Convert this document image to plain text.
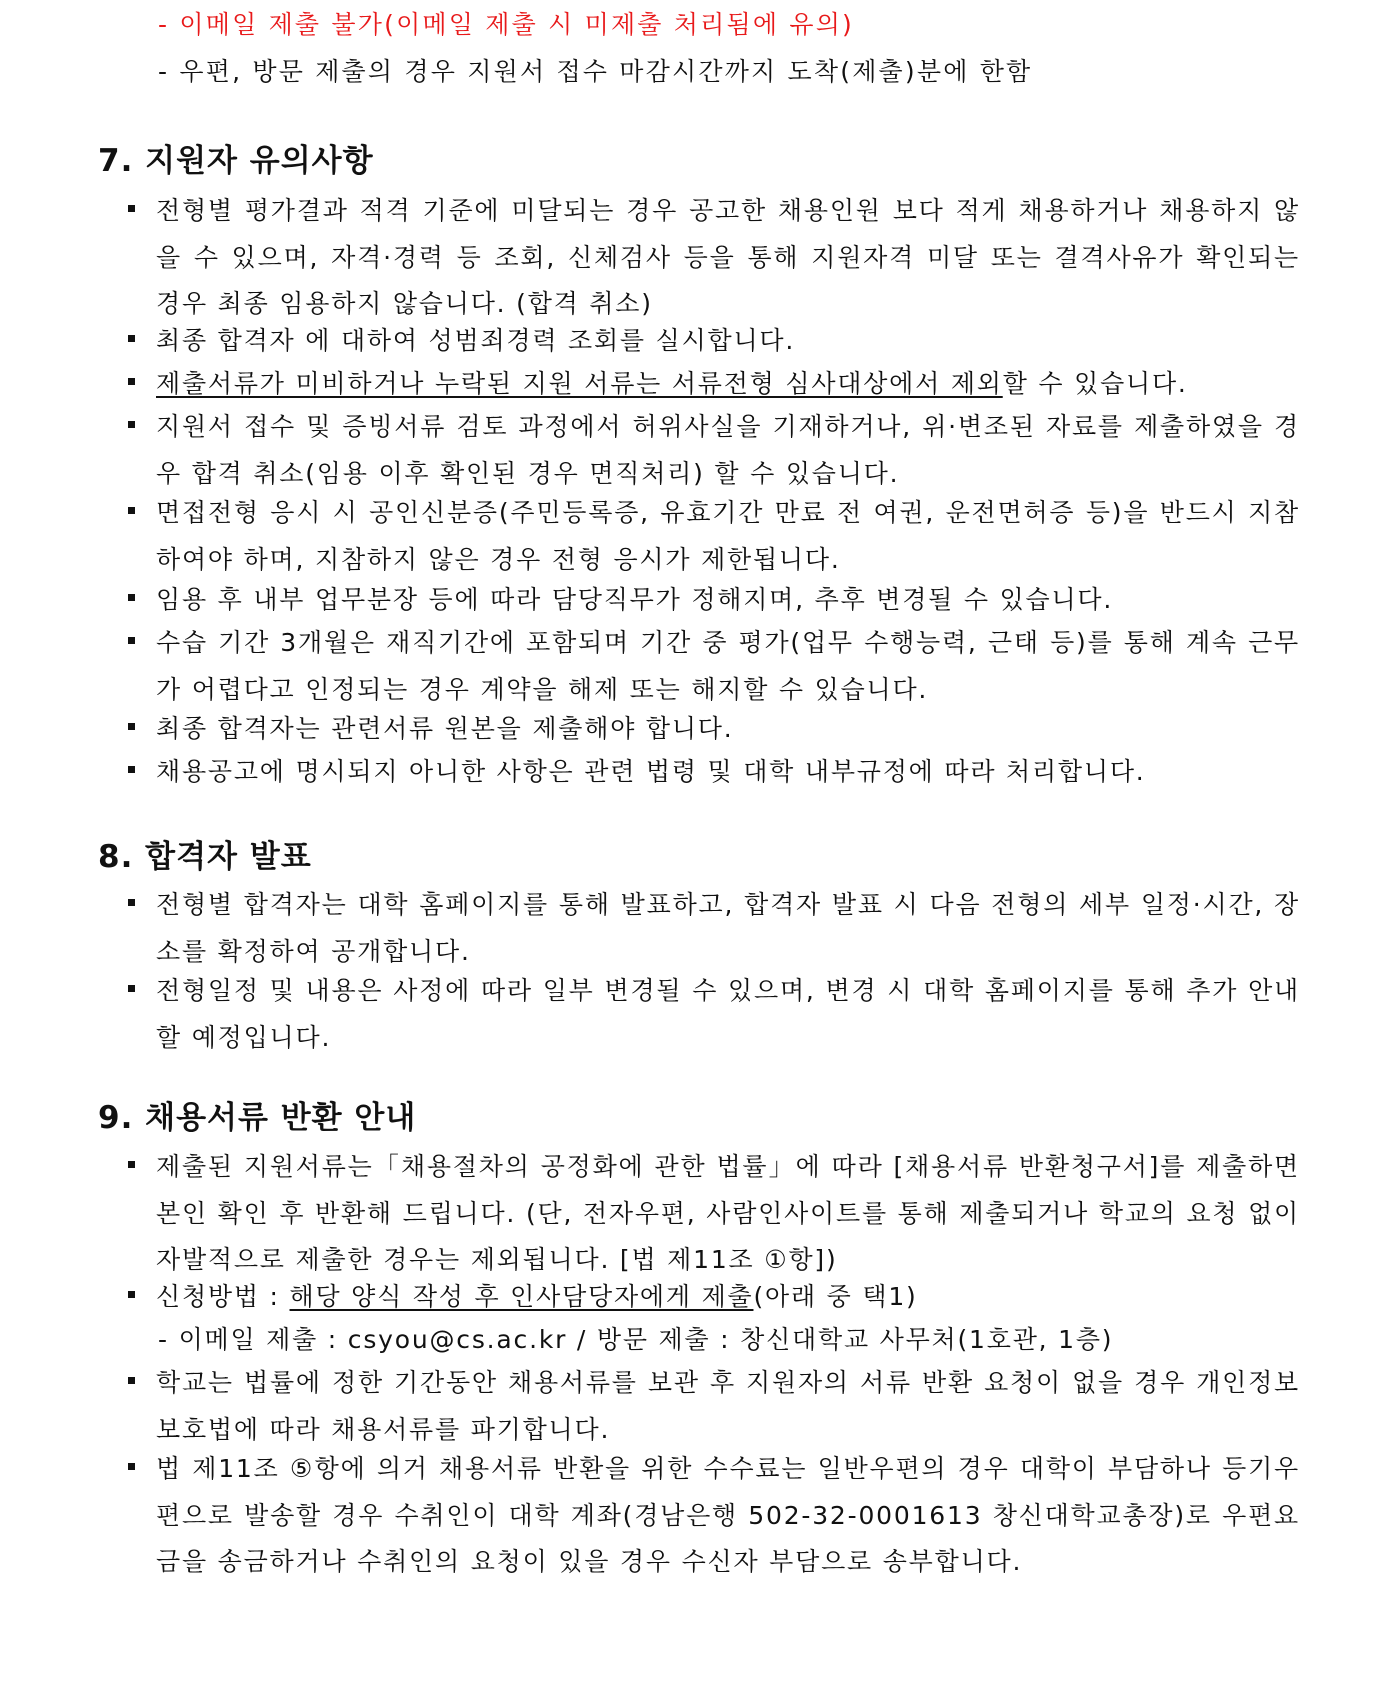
- 이메일 제출 불가(이메일 제출 시 미제출 처리됨에 유의)
- 우편, 방문 제출의 경우 지원서 접수 마감시간까지 도착(제출)분에 한함
7. 지원자 유의사항
전형별 평가결과 적격 기준에 미달되는 경우 공고한 채용인원 보다 적게 채용하거나 채용하지 않을 수 있으며, 자격·경력 등 조회, 신체검사 등을 통해 지원자격 미달 또는 결격사유가 확인되는 경우 최종 임용하지 않습니다. (합격 취소)
최종 합격자 에 대하여 성범죄경력 조회를 실시합니다.
제출서류가 미비하거나 누락된 지원 서류는 서류전형 심사대상에서 제외할 수 있습니다.
지원서 접수 및 증빙서류 검토 과정에서 허위사실을 기재하거나, 위·변조된 자료를 제출하였을 경우 합격 취소(임용 이후 확인된 경우 면직처리) 할 수 있습니다.
면접전형 응시 시 공인신분증(주민등록증, 유효기간 만료 전 여권, 운전면허증 등)을 반드시 지참하여야 하며, 지참하지 않은 경우 전형 응시가 제한됩니다.
임용 후 내부 업무분장 등에 따라 담당직무가 정해지며, 추후 변경될 수 있습니다.
수습 기간 3개월은 재직기간에 포함되며 기간 중 평가(업무 수행능력, 근태 등)를 통해 계속 근무가 어렵다고 인정되는 경우 계약을 해제 또는 해지할 수 있습니다.
최종 합격자는 관련서류 원본을 제출해야 합니다.
채용공고에 명시되지 아니한 사항은 관련 법령 및 대학 내부규정에 따라 처리합니다.
8. 합격자 발표
전형별 합격자는 대학 홈페이지를 통해 발표하고, 합격자 발표 시 다음 전형의 세부 일정·시간, 장소를 확정하여 공개합니다.
전형일정 및 내용은 사정에 따라 일부 변경될 수 있으며, 변경 시 대학 홈페이지를 통해 추가 안내할 예정입니다.
9. 채용서류 반환 안내
제출된 지원서류는「채용절차의 공정화에 관한 법률」에 따라 [채용서류 반환청구서]를 제출하면 본인 확인 후 반환해 드립니다. (단, 전자우편, 사람인사이트를 통해 제출되거나 학교의 요청 없이 자발적으로 제출한 경우는 제외됩니다. [법 제11조 ①항])
신청방법 : 해당 양식 작성 후 인사담당자에게 제출(아래 중 택1)
- 이메일 제출 : csyou@cs.ac.kr / 방문 제출 : 창신대학교 사무처(1호관, 1층)
학교는 법률에 정한 기간동안 채용서류를 보관 후 지원자의 서류 반환 요청이 없을 경우 개인정보보호법에 따라 채용서류를 파기합니다.
법 제11조 ⑤항에 의거 채용서류 반환을 위한 수수료는 일반우편의 경우 대학이 부담하나 등기우편으로 발송할 경우 수취인이 대학 계좌(경남은행 502-32-0001613 창신대학교총장)로 우편요금을 송금하거나 수취인의 요청이 있을 경우 수신자 부담으로 송부합니다.
